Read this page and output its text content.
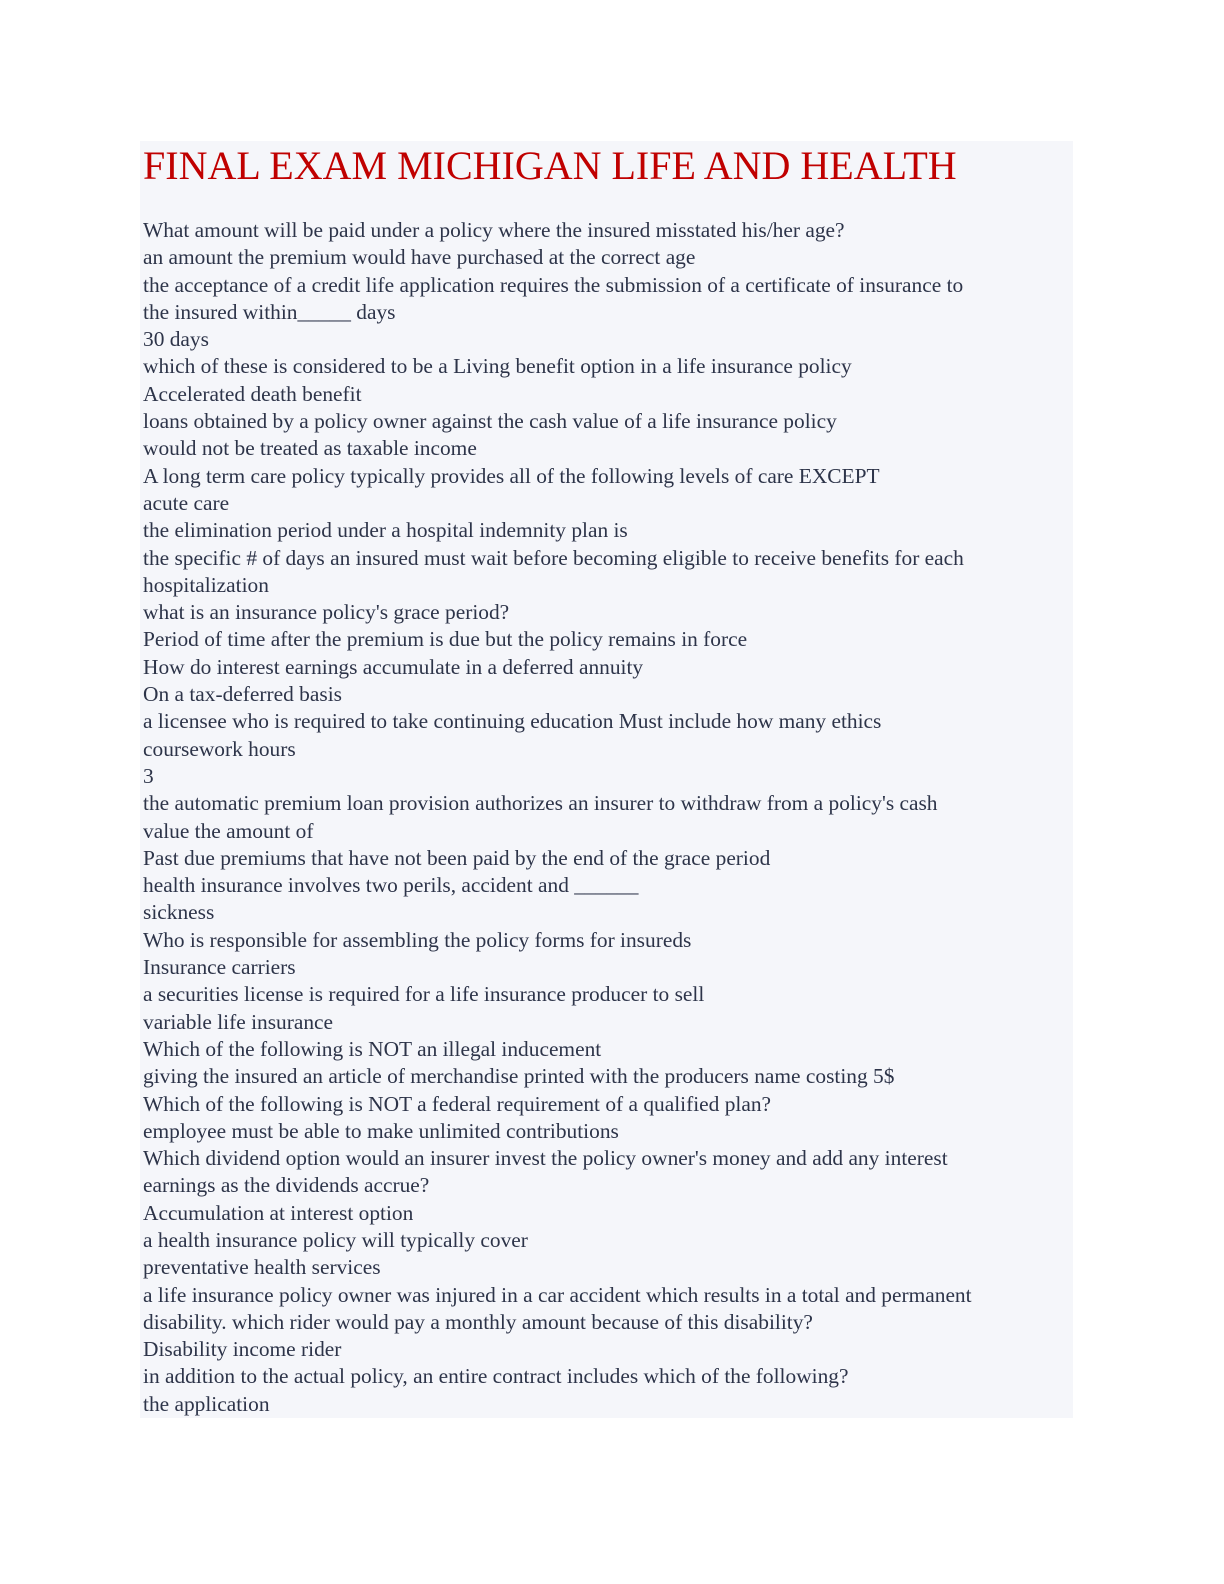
FINAL EXAM MICHIGAN LIFE AND HEALTH
What amount will be paid under a policy where the insured misstated his/her age?
an amount the premium would have purchased at the correct age
the acceptance of a credit life application requires the submission of a certificate of insurance to
the insured within_____ days
30 days
which of these is considered to be a Living benefit option in a life insurance policy
Accelerated death benefit
loans obtained by a policy owner against the cash value of a life insurance policy
would not be treated as taxable income
A long term care policy typically provides all of the following levels of care EXCEPT
acute care
the elimination period under a hospital indemnity plan is
the specific # of days an insured must wait before becoming eligible to receive benefits for each
hospitalization
what is an insurance policy's grace period?
Period of time after the premium is due but the policy remains in force
How do interest earnings accumulate in a deferred annuity
On a tax-deferred basis
a licensee who is required to take continuing education Must include how many ethics
coursework hours
3
the automatic premium loan provision authorizes an insurer to withdraw from a policy's cash
value the amount of
Past due premiums that have not been paid by the end of the grace period
health insurance involves two perils, accident and ______
sickness
Who is responsible for assembling the policy forms for insureds
Insurance carriers
a securities license is required for a life insurance producer to sell
variable life insurance
Which of the following is NOT an illegal inducement
giving the insured an article of merchandise printed with the producers name costing 5$
Which of the following is NOT a federal requirement of a qualified plan?
employee must be able to make unlimited contributions
Which dividend option would an insurer invest the policy owner's money and add any interest
earnings as the dividends accrue?
Accumulation at interest option
a health insurance policy will typically cover
preventative health services
a life insurance policy owner was injured in a car accident which results in a total and permanent
disability. which rider would pay a monthly amount because of this disability?
Disability income rider
in addition to the actual policy, an entire contract includes which of the following?
the application
